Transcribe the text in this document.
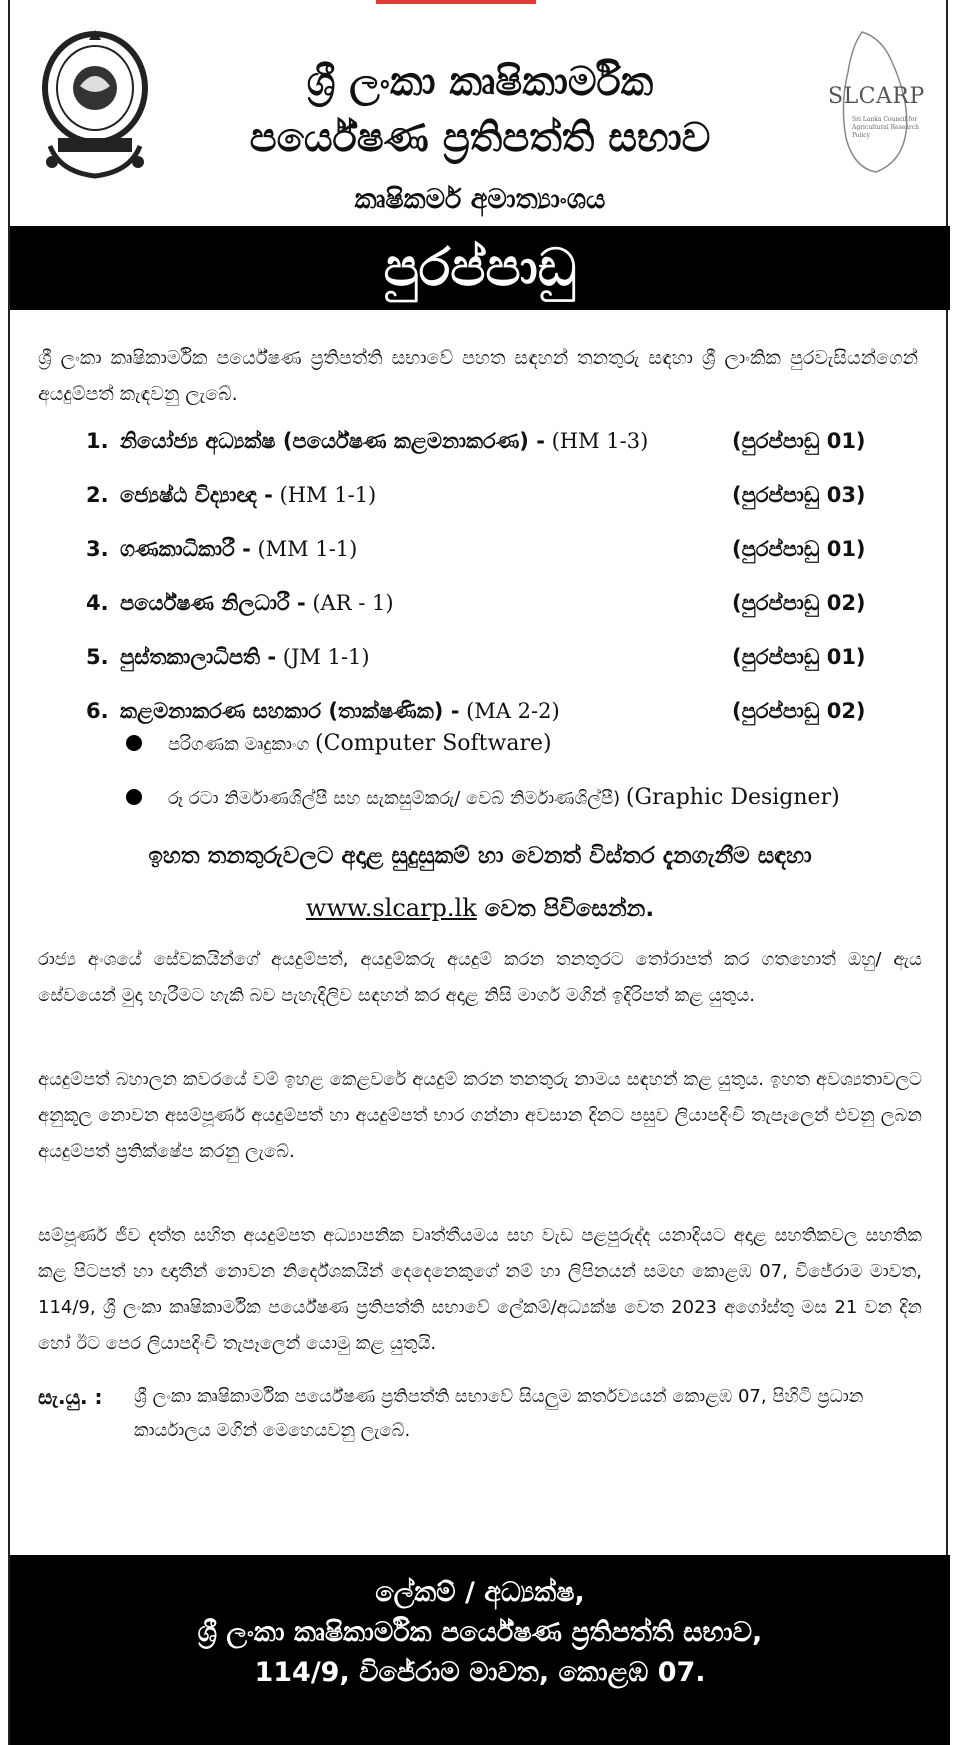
SLCARP
Sri Lanka Council for Agricultural Research Policy
ශ්‍රී ලංකා කෘෂිකාර්මික
පර්යේෂණ ප්‍රතිපත්ති සභාව
කෘෂිකර්ම අමාත්‍යාංශය
පුරප්පාඩු
ශ්‍රී ලංකා කෘෂිකාර්මික පර්යේෂණ ප්‍රතිපත්ති සභාවේ පහත සඳහන් තනතුරු සඳහා ශ්‍රී ලාංකික පුරවැසියන්ගෙන් අයදුම්පත් කැඳවනු ලැබේ.
1. නියෝජ්‍ය අධ්‍යක්ෂ (පර්යේෂණ කළමනාකරණ) - (HM 1-3)	(පුරප්පාඩු 01)
2. ජ්‍යෙෂ්ඨ විද්‍යාඥ - (HM 1-1)	(පුරප්පාඩු 03)
3. ගණකාධිකාරී - (MM 1-1)	(පුරප්පාඩු 01)
4. පර්යේෂණ නිලධාරී - (AR - 1)	(පුරප්පාඩු 02)
5. පුස්තකාලාධිපති - (JM 1-1)	(පුරප්පාඩු 01)
6. කළමනාකරණ සහකාර (තාක්ෂණික) - (MA 2-2)	(පුරප්පාඩු 02)
පරිගණක මෘදුකාංග (Computer Software)
රූ රටා නිර්මාණශිල්පී සහ සැකසුම්කරු/ වෙබ් නිර්මාණශිල්පී) (Graphic Designer)
ඉහත තනතුරුවලට අදාළ සුදුසුකම් හා වෙනත් විස්තර දැනගැනීම සඳහා
www.slcarp.lk වෙත පිවිසෙන්න.
රාජ්‍ය අංශයේ සේවකයින්ගේ අයදුම්පත්, අයදුම්කරු අයදුම් කරන තනතුරට තෝරාපත් කර ගතහොත් ඔහු/ ඇය සේවයෙන් මුදා හැරීමට හැකි බව පැහැදිලිව සඳහන් කර අදාළ නිසි මාර්ග මගින් ඉදිරිපත් කළ යුතුය.
අයදුම්පත් බහාලන කවරයේ වම් ඉහළ කෙළවරේ අයදුම් කරන තනතුරු නාමය සඳහන් කළ යුතුය. ඉහත අවශ්‍යතාවලට අනුකූල නොවන අසම්පූර්ණ අයදුම්පත් හා අයදුම්පත් භාර ගන්නා අවසාන දිනට පසුව ලියාපදිංචි තැපෑලෙන් එවනු ලබන අයදුම්පත් ප්‍රතික්ෂේප කරනු ලැබේ.
සම්පූර්ණ ජීව දත්ත සහිත අයදුම්පත අධ්‍යාපනික වෘත්තීයමය සහ වැඩ පළපුරුද්ද යනාදියට අදාළ සහතිකවල සහතික කළ පිටපත් හා ඥාතීන් නොවන නිර්දේශකයින් දෙදෙනෙකුගේ නම් හා ලිපිනයන් සමඟ කොළඹ 07, විජේරාම මාවත, 114/9, ශ්‍රී ලංකා කෘෂිකාර්මික පර්යේෂණ ප්‍රතිපත්ති සභාවේ ලේකම්/අධ්‍යක්ෂ වෙත 2023 අගෝස්තු මස 21 වන දින හෝ ඊට පෙර ලියාපදිංචි තැපෑලෙන් යොමු කළ යුතුයි.
සැ.යු. : ශ්‍රී ලංකා කෘෂිකාර්මික පර්යේෂණ ප්‍රතිපත්ති සභාවේ සියලුම කර්තව්‍යයන් කොළඹ 07, පිහිටි ප්‍රධාන කාර්යාලය මගින් මෙහෙයවනු ලැබේ.
ලේකම් / අධ්‍යක්ෂ,
ශ්‍රී ලංකා කෘෂිකාර්මික පර්යේෂණ ප්‍රතිපත්ති සභාව,
114/9, විජේරාම මාවත, කොළඹ 07.
